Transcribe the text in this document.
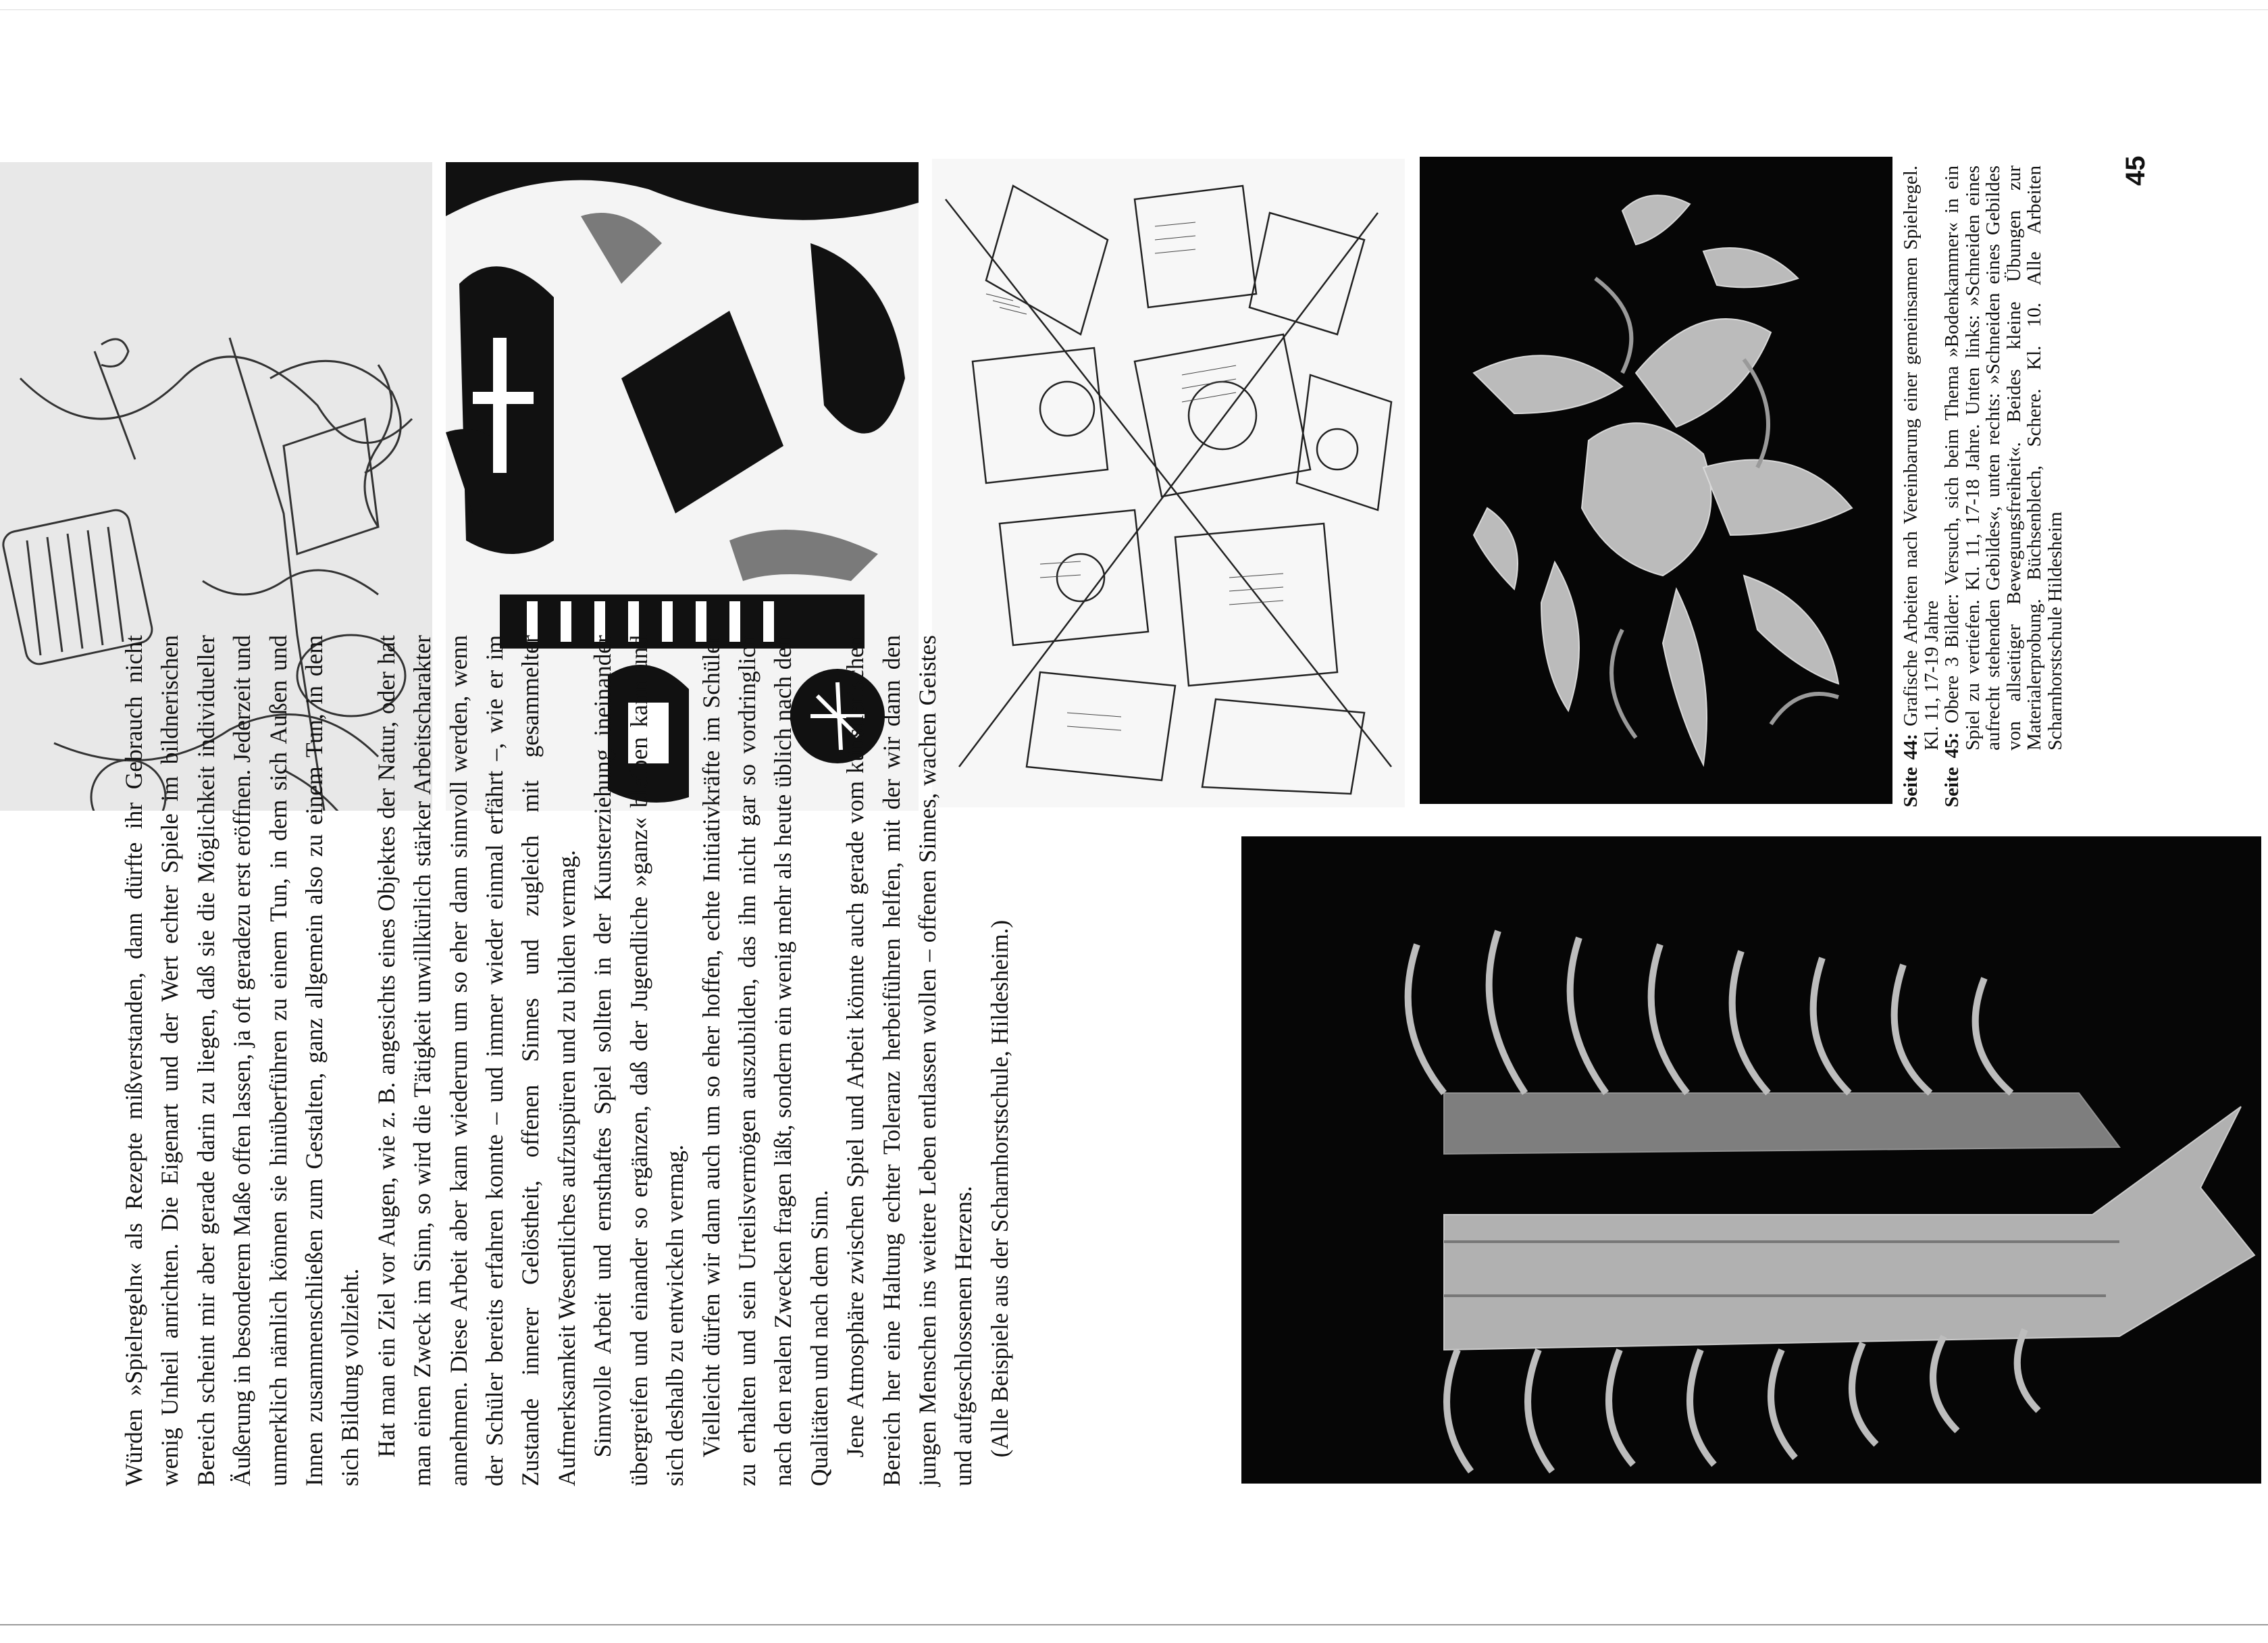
Würden »Spielregeln« als Rezepte mißverstanden, dann dürfte ihr Gebrauch nicht wenig Unheil anrichten. Die Eigenart und der Wert echter Spiele im bildnerischen Bereich scheint mir aber gerade darin zu liegen, daß sie die Möglichkeit individueller Äußerung in besonderem Maße offen lassen, ja oft geradezu erst eröffnen. Jederzeit und unmerklich nämlich können sie hinüberführen zu einem Tun, in dem sich Außen und Innen zusammenschließen zum Gestalten, ganz allgemein also zu einem Tun, in dem sich Bildung vollzieht. Hat man ein Ziel vor Augen, wie z. B. angesichts eines Objektes der Natur, oder hat man einen Zweck im Sinn, so wird die Tätigkeit unwillkürlich stärker Arbeitscharakter annehmen. Diese Arbeit aber kann wiederum um so eher dann sinnvoll werden, wenn der Schüler bereits erfahren konnte – und immer wieder einmal erfährt –, wie er im Zustande innerer Gelöstheit, offenen Sinnes und zugleich mit gesammelter Aufmerksamkeit Wesentliches aufzuspüren und zu bilden vermag. Sinnvolle Arbeit und ernsthaftes Spiel sollten in der Kunsterziehung ineinander übergreifen und einander so ergänzen, daß der Jugendliche »ganz« bleiben kann und sich deshalb zu entwickeln vermag. Vielleicht dürfen wir dann auch um so eher hoffen, echte Initiativkräfte im Schüler zu erhalten und sein Urteilsvermögen auszubilden, das ihn nicht gar so vordringlich nach den realen Zwecken fragen läßt, sondern ein wenig mehr als heute üblich nach den Qualitäten und nach dem Sinn. Jene Atmosphäre zwischen Spiel und Arbeit könnte auch gerade vom künstlerischen Bereich her eine Haltung echter Toleranz herbeiführen helfen, mit der wir dann den jungen Menschen ins weitere Leben entlassen wollen – offenen Sinnes, wachen Geistes und aufgeschlossenen Herzens. (Alle Beispiele aus der Scharnhorstschule, Hildesheim.)

Seite 44: Grafische Arbeiten nach Vereinbarung einer gemeinsamen Spielregel. Kl. 11, 17-19 Jahre

Seite 45: Obere 3 Bilder: Versuch, sich beim Thema »Bodenkammer« in ein Spiel zu vertiefen. Kl. 11, 17-18 Jahre. Unten links: »Schneiden eines aufrecht stehenden Gebildes«, unten rechts: »Schneiden eines Gebildes von allseitiger Bewegungsfreiheit«. Beides kleine Übungen zur Materialerprobung. Büchsenblech, Schere. Kl. 10. Alle Arbeiten Scharnhorstschule Hildesheim

45
